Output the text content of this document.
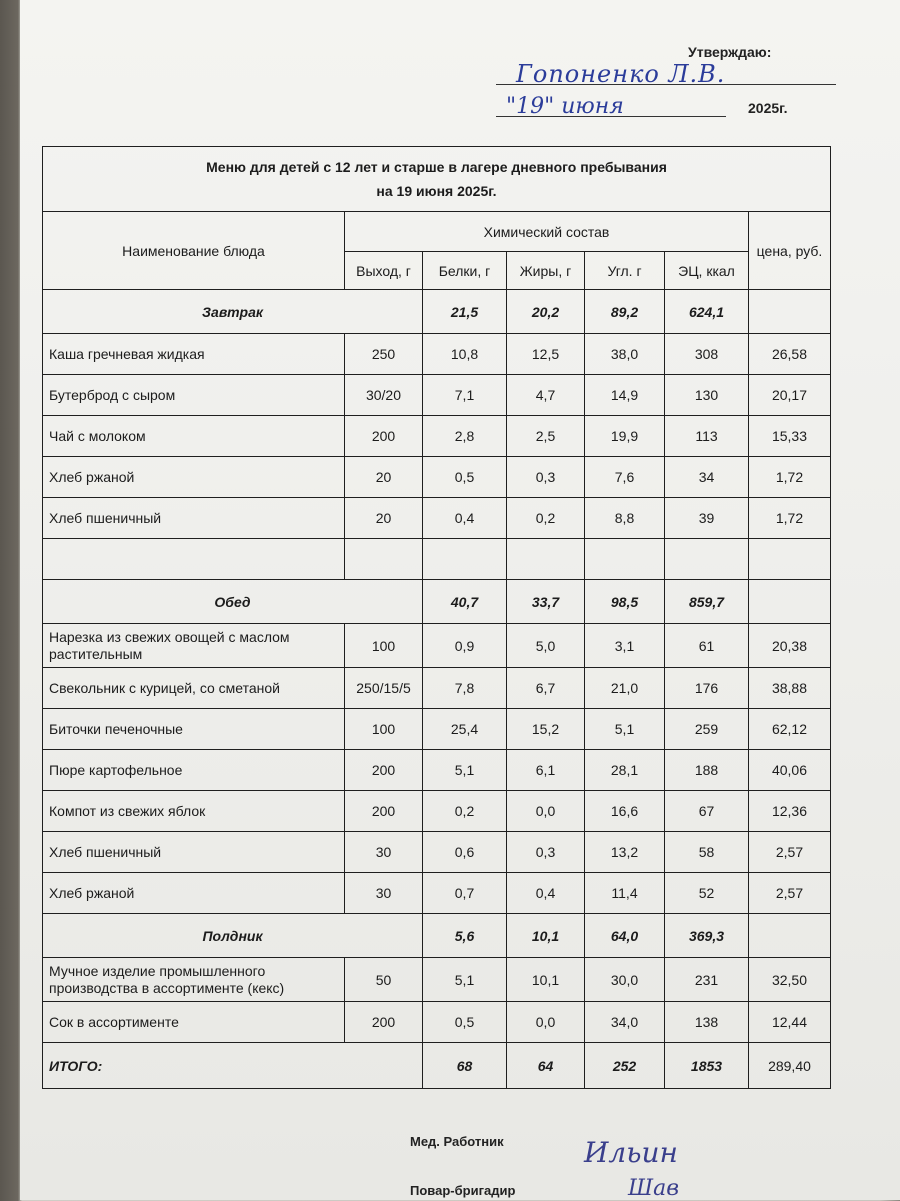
Утверждаю:
Гопоненко Л.В.
"19" июня	2025г.
Меню для детей с 12 лет и старше в лагере дневного пребывания
на 19 июня 2025г.						

Наименование блюда	Химический состав					цена, руб.
	Выход, г	Белки, г	Жиры, г	Угл. г	ЭЦ, ккал	
Завтрак		21,5	20,2	89,2	624,1	
Каша гречневая жидкая	250	10,8	12,5	38,0	308	26,58
Бутерброд с сыром	30/20	7,1	4,7	14,9	130	20,17
Чай с молоком	200	2,8	2,5	19,9	113	15,33
Хлеб ржаной	20	0,5	0,3	7,6	34	1,72
Хлеб пшеничный	20	0,4	0,2	8,8	39	1,72

Обед		40,7	33,7	98,5	859,7	
Нарезка из свежих овощей с маслом растительным	100	0,9	5,0	3,1	61	20,38
Свекольник с курицей, со сметаной	250/15/5	7,8	6,7	21,0	176	38,88
Биточки печеночные	100	25,4	15,2	5,1	259	62,12
Пюре картофельное	200	5,1	6,1	28,1	188	40,06
Компот из свежих яблок	200	0,2	0,0	16,6	67	12,36
Хлеб пшеничный	30	0,6	0,3	13,2	58	2,57
Хлеб ржаной	30	0,7	0,4	11,4	52	2,57
Полдник		5,6	10,1	64,0	369,3	
Мучное изделие промышленного производства в ассортименте (кекс)	50	5,1	10,1	30,0	231	32,50
Сок в ассортименте	200	0,5	0,0	34,0	138	12,44
ИТОГО:		68	64	252	1853	289,40
Мед. Работник	Ильин
Повар-бригадир	Шав
